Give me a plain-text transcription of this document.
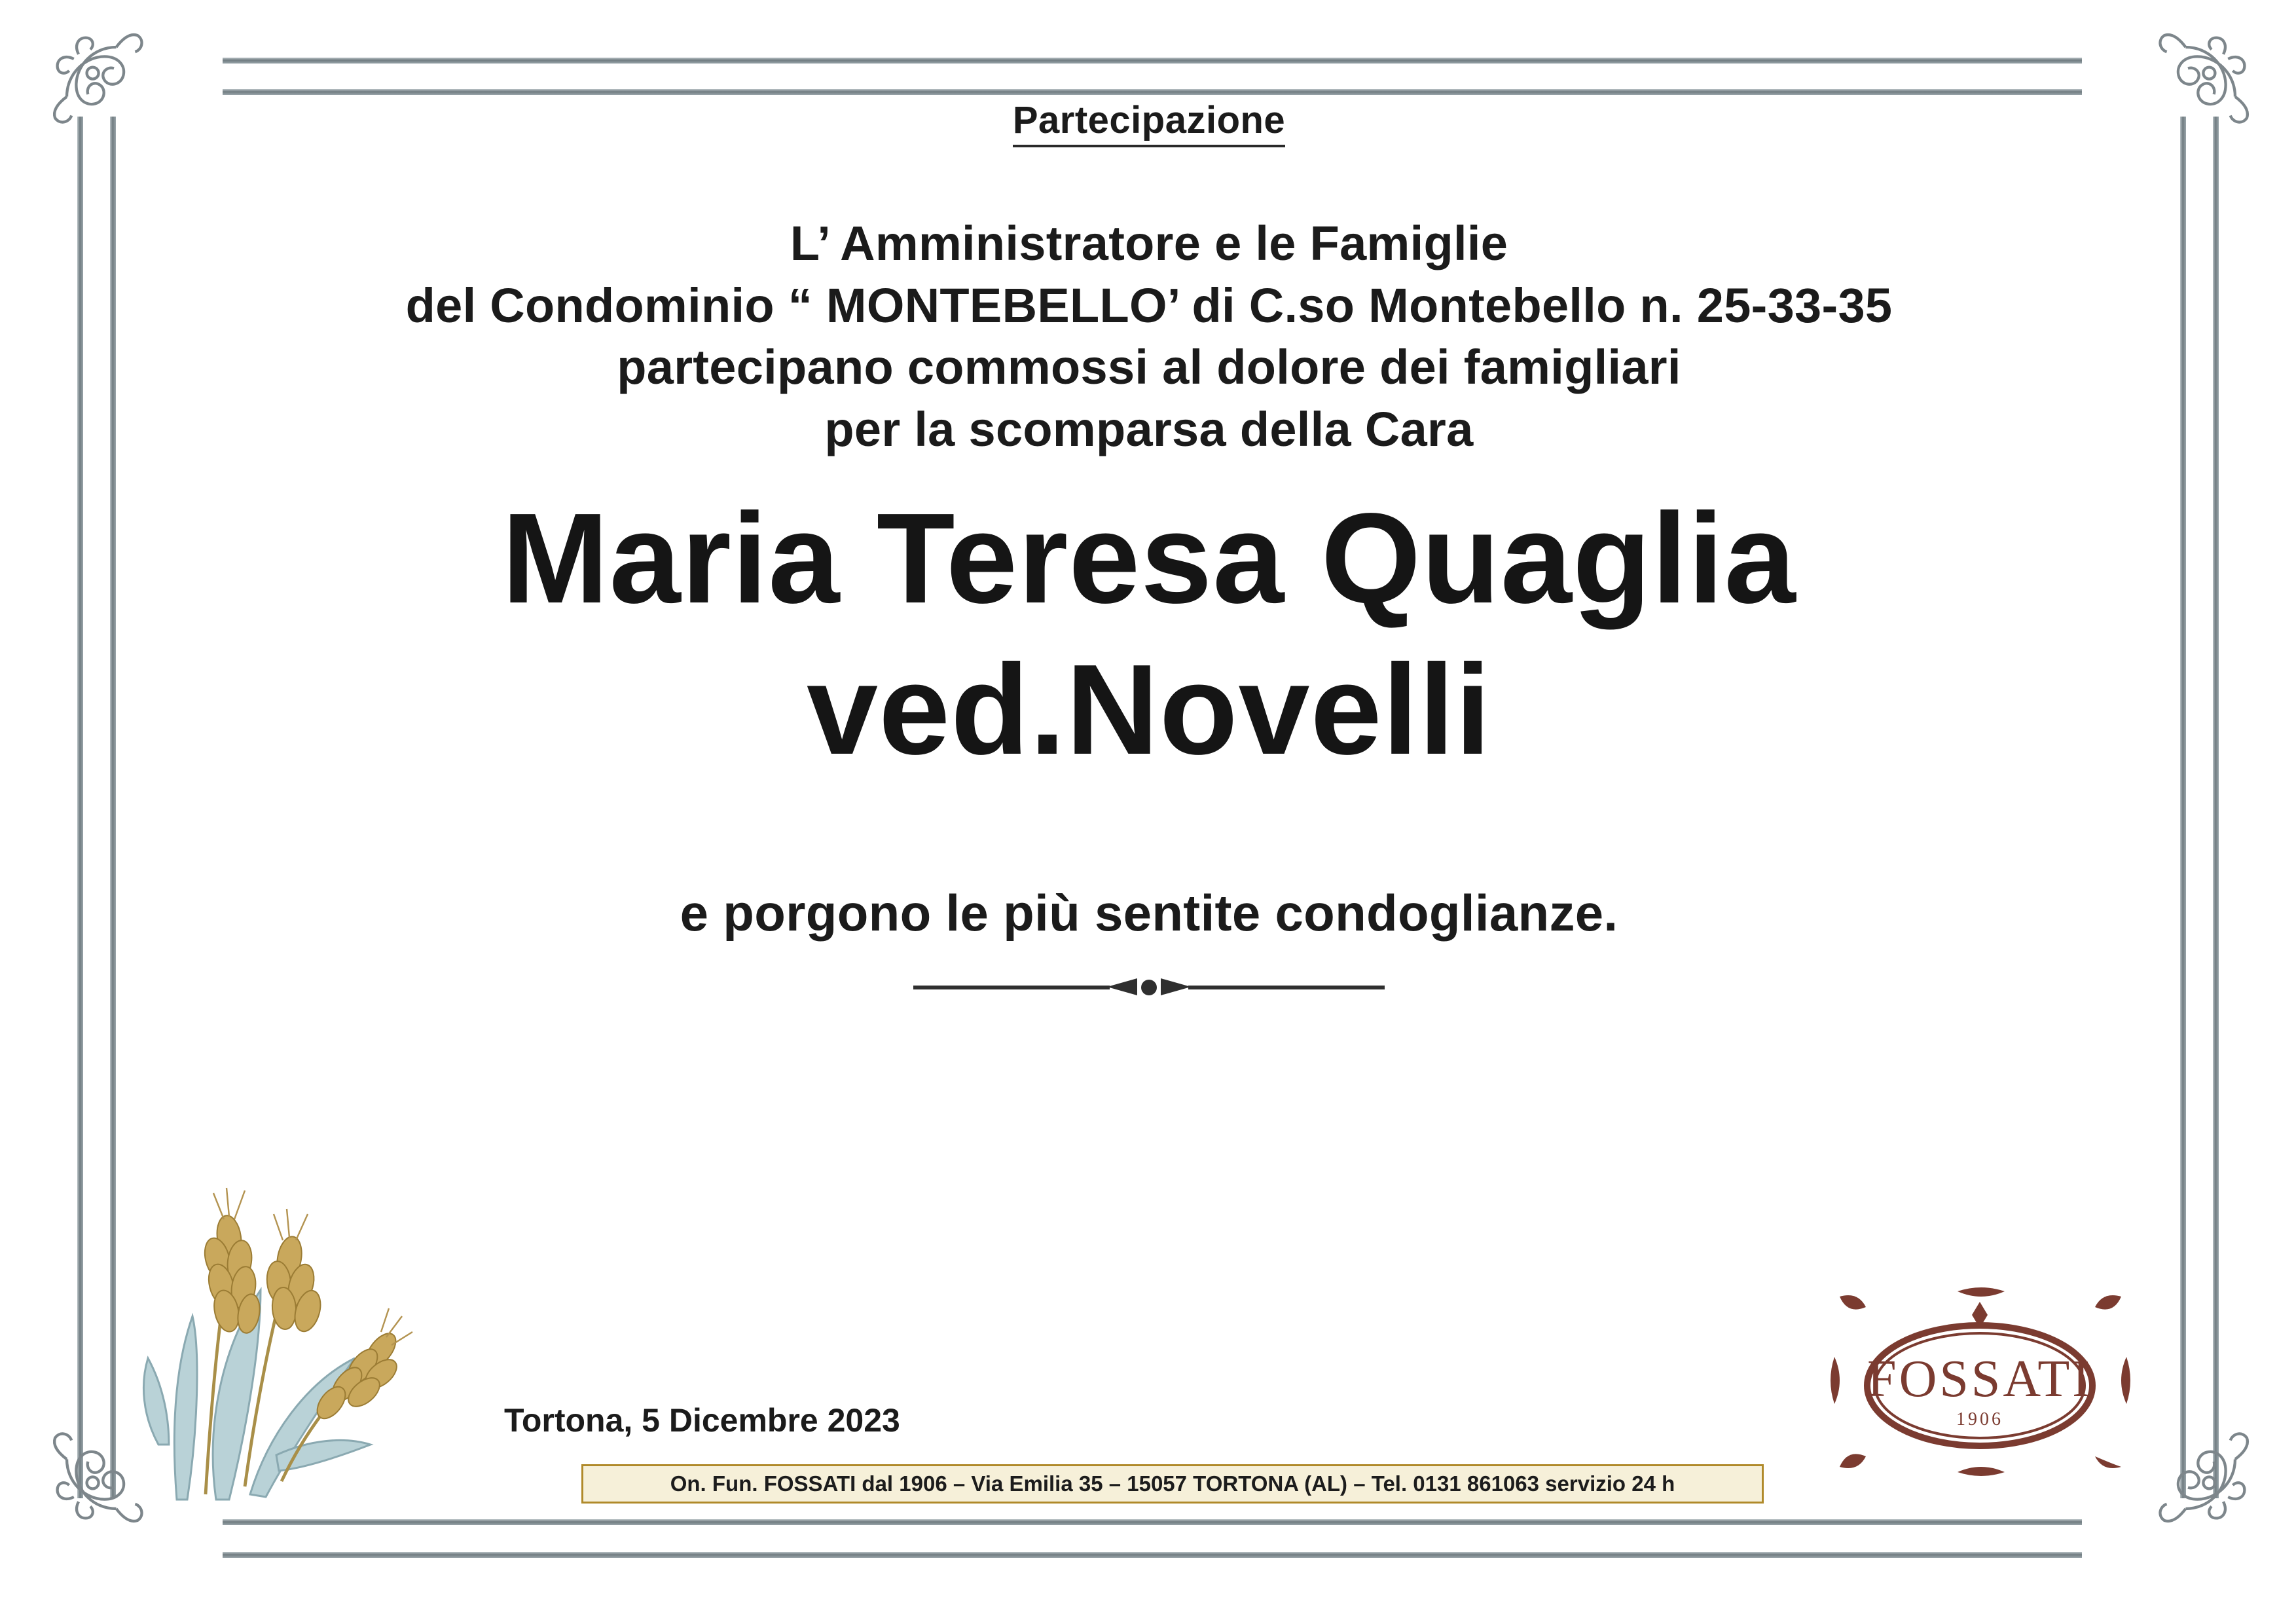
Partecipazione
L’ Amministratore e le Famiglie
del Condominio “ MONTEBELLO’ di C.so Montebello n. 25-33-35
partecipano commossi al dolore dei famigliari
per la scomparsa della Cara
Maria Teresa Quaglia
ved.Novelli
e porgono le più sentite condoglianze.
Tortona, 5 Dicembre 2023
On. Fun. FOSSATI dal 1906 – Via Emilia 35 – 15057 TORTONA (AL) – Tel. 0131 861063 servizio 24 h
FOSSATI
1906
